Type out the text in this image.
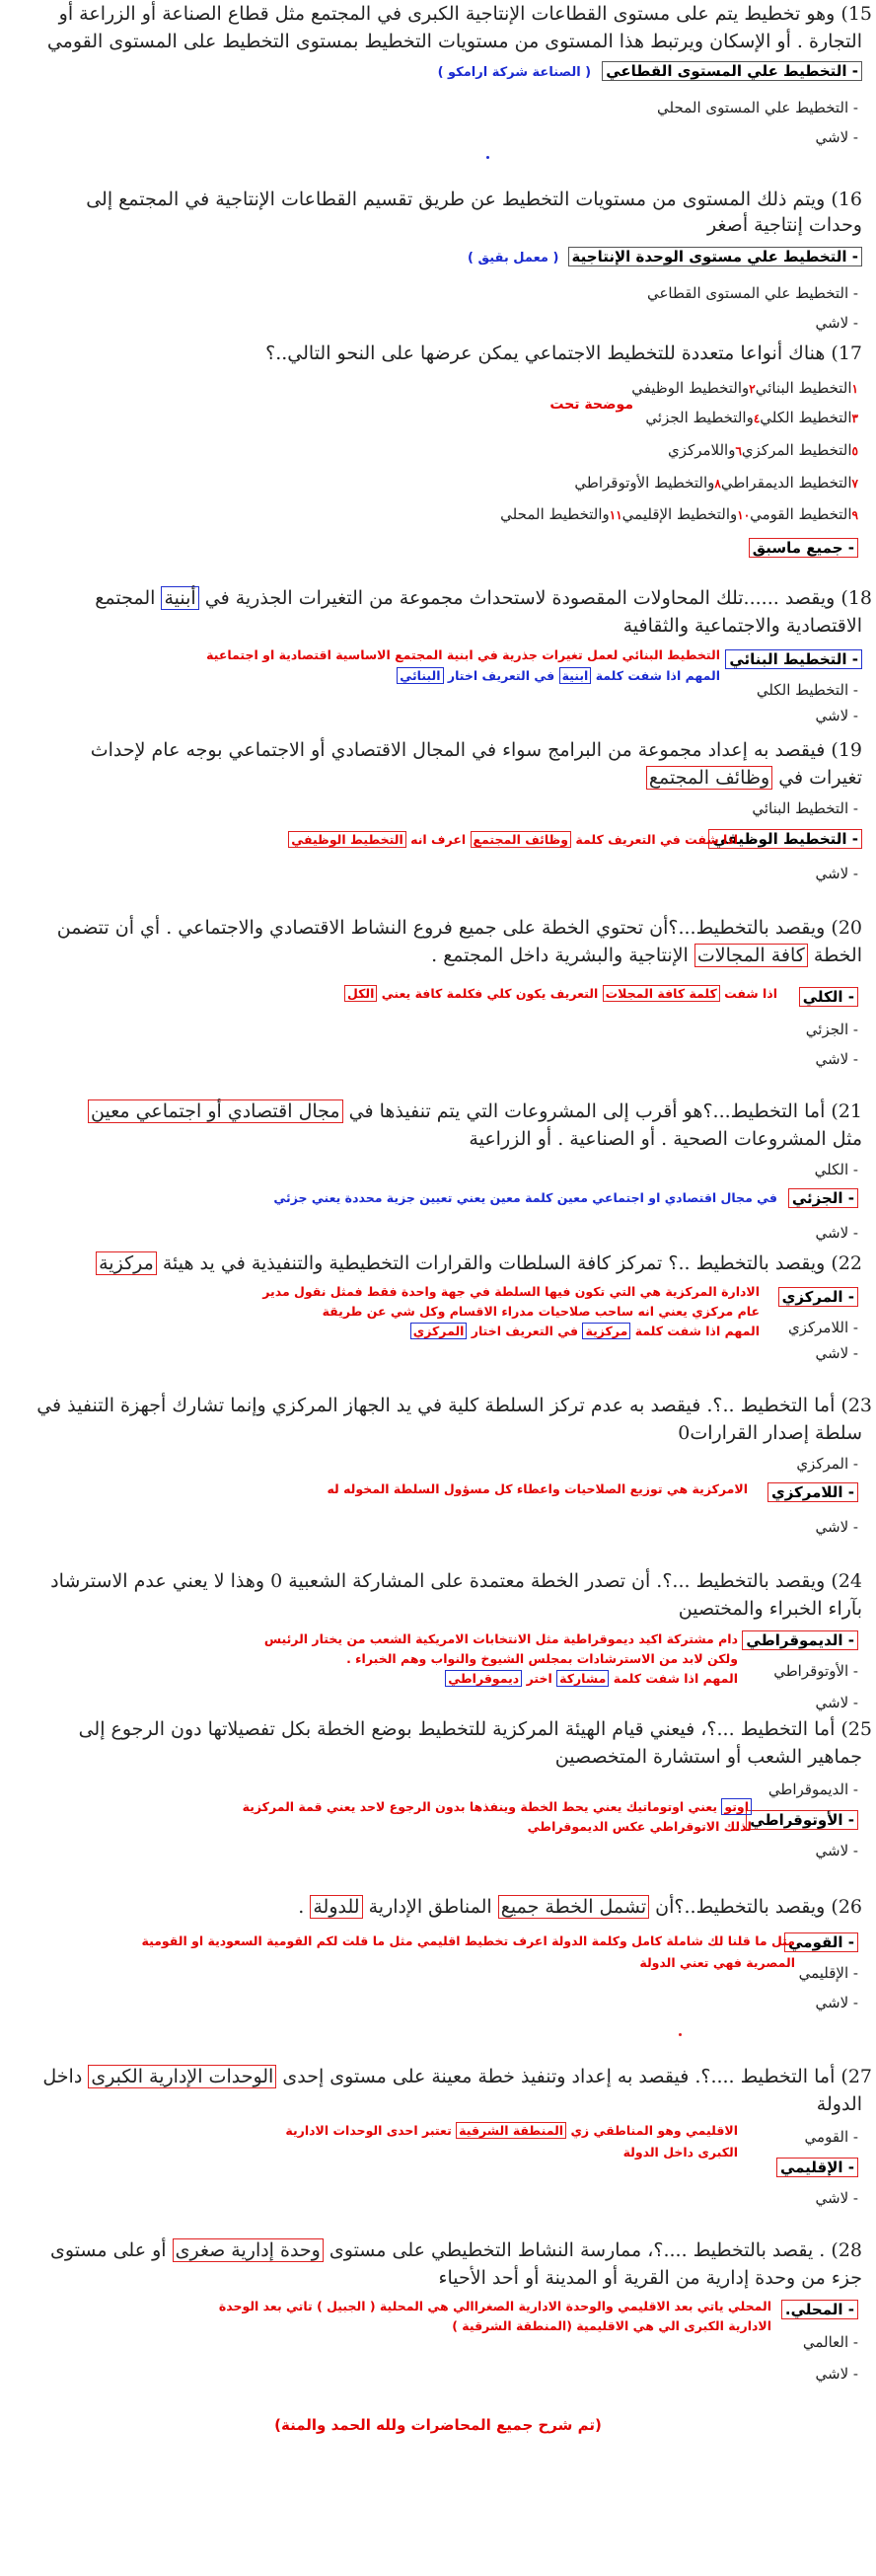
15) وهو تخطيط يتم على مستوى القطاعات الإنتاجية الكبرى في المجتمع مثل قطاع الصناعة أو الزراعة أو
التجارة . أو الإسكان ويرتبط هذا المستوى من مستويات التخطيط بمستوى التخطيط على المستوى القومي
- التخطيط علي المستوى القطاعي ( الصناعة شركة ارامكو )
- التخطيط علي المستوى المحلي
- لاشي
16) ويتم ذلك المستوى من مستويات التخطيط عن طريق تقسيم القطاعات الإنتاجية في المجتمع إلى
وحدات إنتاجية أصغر
- التخطيط علي مستوى الوحدة الإنتاجية ( معمل بقيق )
- التخطيط علي المستوى القطاعي
- لاشي
17) هناك أنواعا متعددة للتخطيط الاجتماعي يمكن عرضها على النحو التالي..؟
١التخطيط البنائي٢والتخطيط الوظيفي
٣التخطيط الكلي٤والتخطيط الجزئي
موضحة تحت
٥التخطيط المركزي٦واللامركزي
٧التخطيط الديمقراطي٨والتخطيط الأوتوقراطي
٩التخطيط القومي١٠والتخطيط الإقليمي١١والتخطيط المحلي
- جميع ماسبق
18) ويقصد ......تلك المحاولات المقصودة لاستحداث مجموعة من التغيرات الجذرية في أبنية المجتمع
الاقتصادية والاجتماعية والثقافية
- التخطيط البنائي
التخطيط البنائي لعمل تغيرات جذرية في ابنية المجتمع الاساسية اقتصادية او اجتماعية
المهم اذا شفت كلمة ابنية في التعريف اختار البنائي
- التخطيط الكلي
- لاشي
19) فيقصد به إعداد مجموعة من البرامج سواء في المجال الاقتصادي أو الاجتماعي بوجه عام لإحداث
تغيرات في وظائف المجتمع
- التخطيط البنائي
- التخطيط الوظيفي
اذا شفت في التعريف كلمة وظائف المجتمع اعرف انه التخطيط الوظيفي
- لاشي
20) ويقصد بالتخطيط...؟أن تحتوي الخطة على جميع فروع النشاط الاقتصادي والاجتماعي . أي أن تتضمن
الخطة كافة المجالات الإنتاجية والبشرية داخل المجتمع .
- الكلي
اذا شفت كلمة كافة المجلات التعريف يكون كلي فكلمة كافة يعني الكل
- الجزئي
- لاشي
21) أما التخطيط...؟هو أقرب إلى المشروعات التي يتم تنفيذها في مجال اقتصادي أو اجتماعي معين
مثل المشروعات الصحية . أو الصناعية . أو الزراعية
- الكلي
- الجزئي
في مجال اقتصادي او اجتماعي معين كلمة معين يعني تعيين جزية محددة يعني جزئي
- لاشي
22) ويقصد بالتخطيط ..؟ تمركز كافة السلطات والقرارات التخطيطية والتنفيذية في يد هيئة مركزية
- المركزي
الادارة المركزية هي التي تكون فيها السلطة في جهة واحدة فقط فمثل نقول مدير
عام مركزي يعني انه ساحب صلاحيات مدراء الاقسام وكل شي عن طريقة
المهم اذا شفت كلمة مركزية في التعريف اختار المركزي	- اللامركزي
- لاشي
23) أما التخطيط ..؟. فيقصد به عدم تركز السلطة كلية في يد الجهاز المركزي وإنما تشارك أجهزة التنفيذ في
سلطة إصدار القرارات0
- المركزي
- اللامركزي
الامركزية هي توزيع الصلاحيات واعطاء كل مسؤول السلطة المخوله له
- لاشي
24) ويقصد بالتخطيط ...؟. أن تصدر الخطة معتمدة على المشاركة الشعبية 0 وهذا لا يعني عدم الاسترشاد
بآراء الخبراء والمختصين
- الديموقراطي
دام مشتركة اكيد ديموقراطية مثل الانتخابات الامريكية الشعب من يختار الرئيس
ولكن لابد من الاسترشادات بمجلس الشيوخ والنواب وهم الخبراء .
المهم اذا شفت كلمة مشاركة اختر ديموقراطي	- الأوتوقراطي
- لاشي
25) أما التخطيط ...؟، فيعني قيام الهيئة المركزية للتخطيط بوضع الخطة بكل تفصيلاتها دون الرجوع إلى
جماهير الشعب أو استشارة المتخصصين
- الديموقراطي
- الأوتوقراطي
اوتو يعني اوتوماتيك يعني يحط الخطة وينفذها بدون الرجوع لاحد يعني قمة المركزية
لذلك الاتوقراطي عكس الديموقراطي
- لاشي
26) ويقصد بالتخطيط..؟أن تشمل الخطة جميع المناطق الإدارية للدولة .
- القومي
مثل ما قلنا لك شاملة كامل وكلمة الدولة اعرف تخطيط اقليمي مثل ما قلت لكم القومية السعودية او القومية
المصرية فهي تعني الدولة
- الإقليمي
- لاشي
27) أما التخطيط ....؟. فيقصد به إعداد وتنفيذ خطة معينة على مستوى إحدى الوحدات الإدارية الكبرى داخل
الدولة
- القومي
الاقليمي وهو المناطقي زي المنطقة الشرقية تعتبر احدى الوحدات الادارية
الكبرى داخل الدولة
- الإقليمي
- لاشي
28) . يقصد بالتخطيط ....؟، ممارسة النشاط التخطيطي على مستوى وحدة إدارية صغرى أو على مستوى
جزء من وحدة إدارية من القرية أو المدينة أو أحد الأحياء
- المحلي.
المحلي ياتي بعد الاقليمي والوحدة الادارية الصغراالي هي المحلية ( الجبيل ) تاتي بعد الوحدة
الادارية الكبرى الي هي الاقليمية (المنطقة الشرقية )
- العالمي
- لاشي
(تم شرح جميع المحاضرات ولله الحمد والمنة)
